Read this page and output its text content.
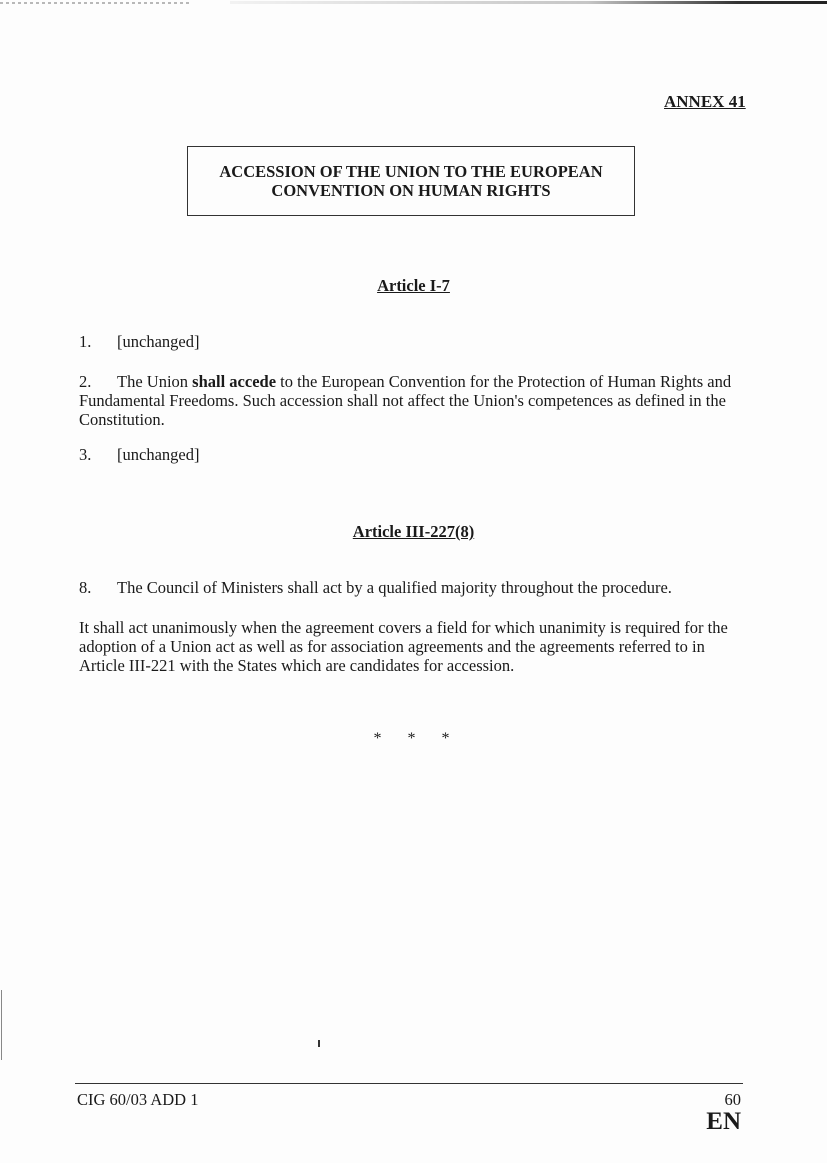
ANNEX 41
ACCESSION OF THE UNION TO THE EUROPEAN
CONVENTION ON HUMAN RIGHTS
Article I-7
1. [unchanged]
2. The Union shall accede to the European Convention for the Protection of Human Rights and Fundamental Freedoms. Such accession shall not affect the Union's competences as defined in the Constitution.
3. [unchanged]
Article III-227(8)
8. The Council of Ministers shall act by a qualified majority throughout the procedure.
It shall act unanimously when the agreement covers a field for which unanimity is required for the adoption of a Union act as well as for association agreements and the agreements referred to in Article III-221 with the States which are candidates for accession.
* * *
CIG 60/03 ADD 1	60
EN
